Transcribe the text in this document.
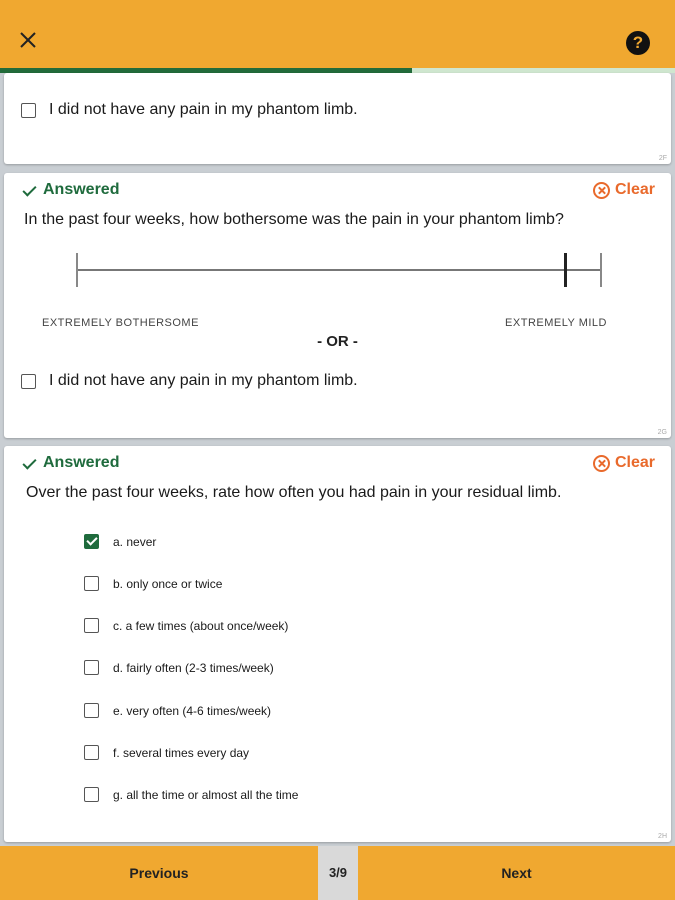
?
I did not have any pain in my phantom limb.
2F
Answered	Clear
In the past four weeks, how bothersome was the pain in your phantom limb?
EXTREMELY BOTHERSOME	EXTREMELY MILD
- OR -
I did not have any pain in my phantom limb.
2G
Answered	Clear
Over the past four weeks, rate how often you had pain in your residual limb.
a. never
b. only once or twice
c. a few times (about once/week)
d. fairly often (2-3 times/week)
e. very often (4-6 times/week)
f. several times every day
g. all the time or almost all the time
2H
Previous	3/9	Next
